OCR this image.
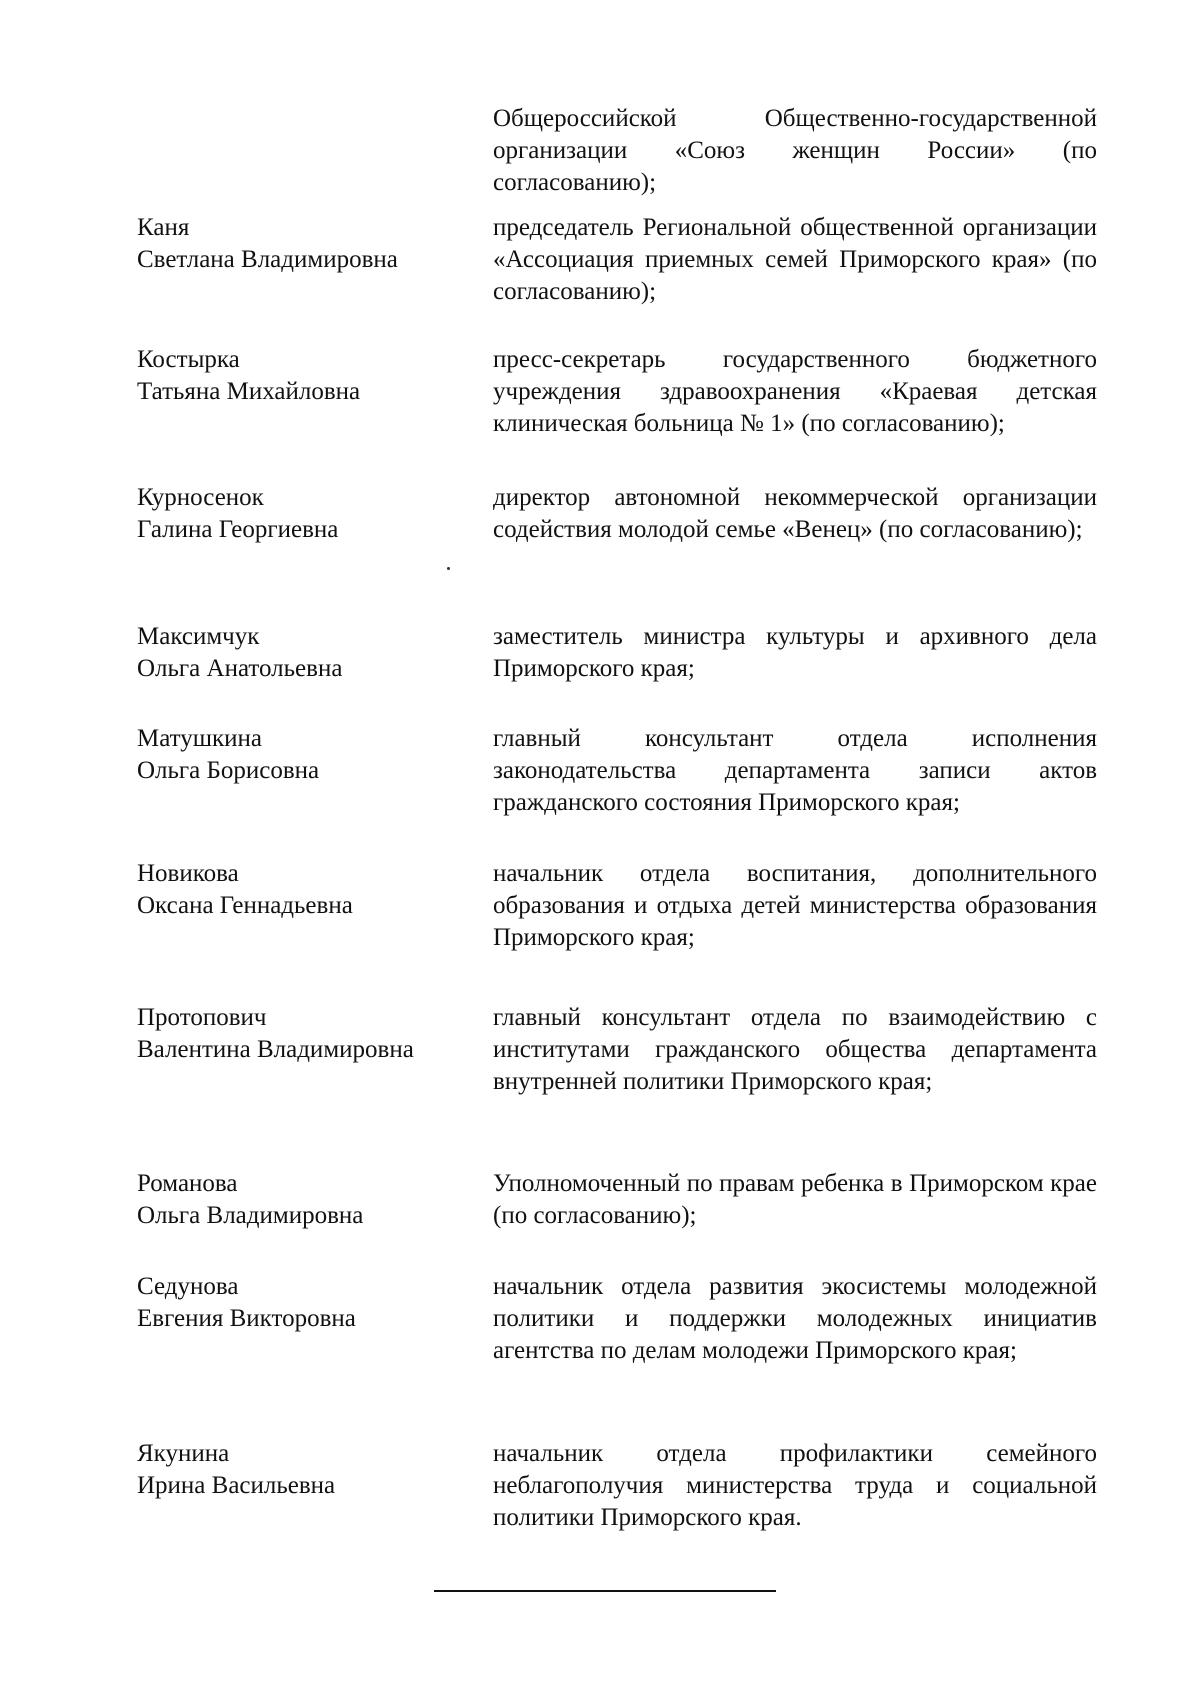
Общероссийской Общественно-государственной организации «Союз женщин России» (по согласованию);
Каня
Светлана Владимировна
председатель Региональной общественной организации «Ассоциация приемных семей Приморского края» (по согласованию);
Костырка
Татьяна Михайловна
пресс-секретарь государственного бюджетного учреждения здравоохранения «Краевая детская клиническая больница № 1» (по согласованию);
Курносенок
Галина Георгиевна
директор автономной некоммерческой организации содействия молодой семье «Венец» (по согласованию);
Максимчук
Ольга Анатольевна
заместитель министра культуры и архивного дела Приморского края;
Матушкина
Ольга Борисовна
главный консультант отдела исполнения законодательства департамента записи актов гражданского состояния Приморского края;
Новикова
Оксана Геннадьевна
начальник отдела воспитания, дополнительного образования и отдыха детей министерства образования Приморского края;
Протопович
Валентина Владимировна
главный консультант отдела по взаимодействию с институтами гражданского общества департамента внутренней политики Приморского края;
Романова
Ольга Владимировна
Уполномоченный по правам ребенка в Приморском крае (по согласованию);
Седунова
Евгения Викторовна
начальник отдела развития экосистемы молодежной политики и поддержки молодежных инициатив агентства по делам молодежи Приморского края;
Якунина
Ирина Васильевна
начальник отдела профилактики семейного неблагополучия министерства труда и социальной политики Приморского края.
